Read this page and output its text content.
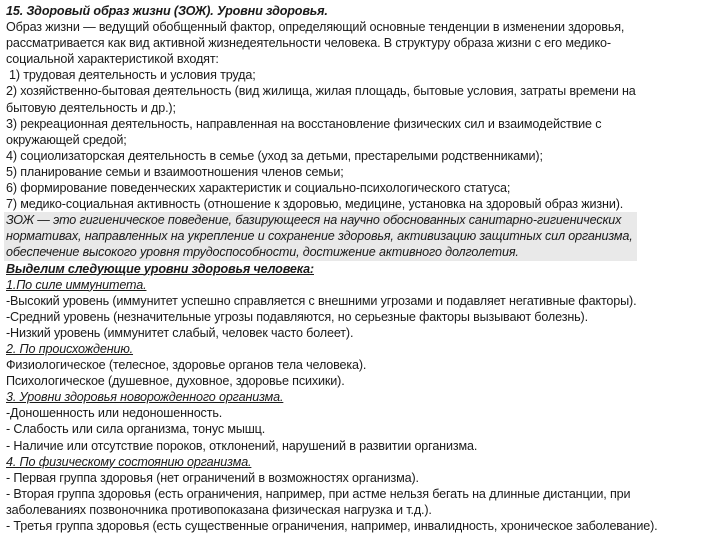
15. Здоровый образ жизни (ЗОЖ). Уровни здоровья.
Образ жизни — ведущий обобщенный фактор, определяющий основные тенденции в изменении здоровья,
рассматривается как вид активной жизнедеятельности человека. В структуру образа жизни с его медико-
социальной характеристикой входят:
1) трудовая деятельность и условия труда;
2) хозяйственно-бытовая деятельность (вид жилища, жилая площадь, бытовые условия, затраты времени на
бытовую деятельность и др.);
3) рекреационная деятельность, направленная на восстановление физических сил и взаимодействие с
окружающей средой;
4) социолизаторская деятельность в семье (уход за детьми, престарелыми родственниками);
5) планирование семьи и взаимоотношения членов семьи;
6) формирование поведенческих характеристик и социально-психологического статуса;
7) медико-социальная активность (отношение к здоровью, медицине, установка на здоровый образ жизни).
ЗОЖ — это гигиеническое поведение, базирующееся на научно обоснованных санитарно-гигиенических
нормативах, направленных на укрепление и сохранение здоровья, активизацию защитных сил организма,
обеспечение высокого уровня трудоспособности, достижение активного долголетия.
Выделим следующие уровни здоровья человека:
1.По силе иммунитета.
-Высокий уровень (иммунитет успешно справляется с внешними угрозами и подавляет негативные факторы).
-Средний уровень (незначительные угрозы подавляются, но серьезные факторы вызывают болезнь).
-Низкий уровень (иммунитет слабый, человек часто болеет).
2. По происхождению.
Физиологическое (телесное, здоровье органов тела человека).
Психологическое (душевное, духовное, здоровье психики).
3. Уровни здоровья новорожденного организма.
-Доношенность или недоношенность.
- Слабость или сила организма, тонус мышц.
- Наличие или отсутствие пороков, отклонений, нарушений в развитии организма.
4. По физическому состоянию организма.
- Первая группа здоровья (нет ограничений в возможностях организма).
- Вторая группа здоровья (есть ограничения, например, при астме нельзя бегать на длинные дистанции, при
заболеваниях позвоночника противопоказана физическая нагрузка и т.д.).
- Третья группа здоровья (есть существенные ограничения, например, инвалидность, хроническое заболевание).
